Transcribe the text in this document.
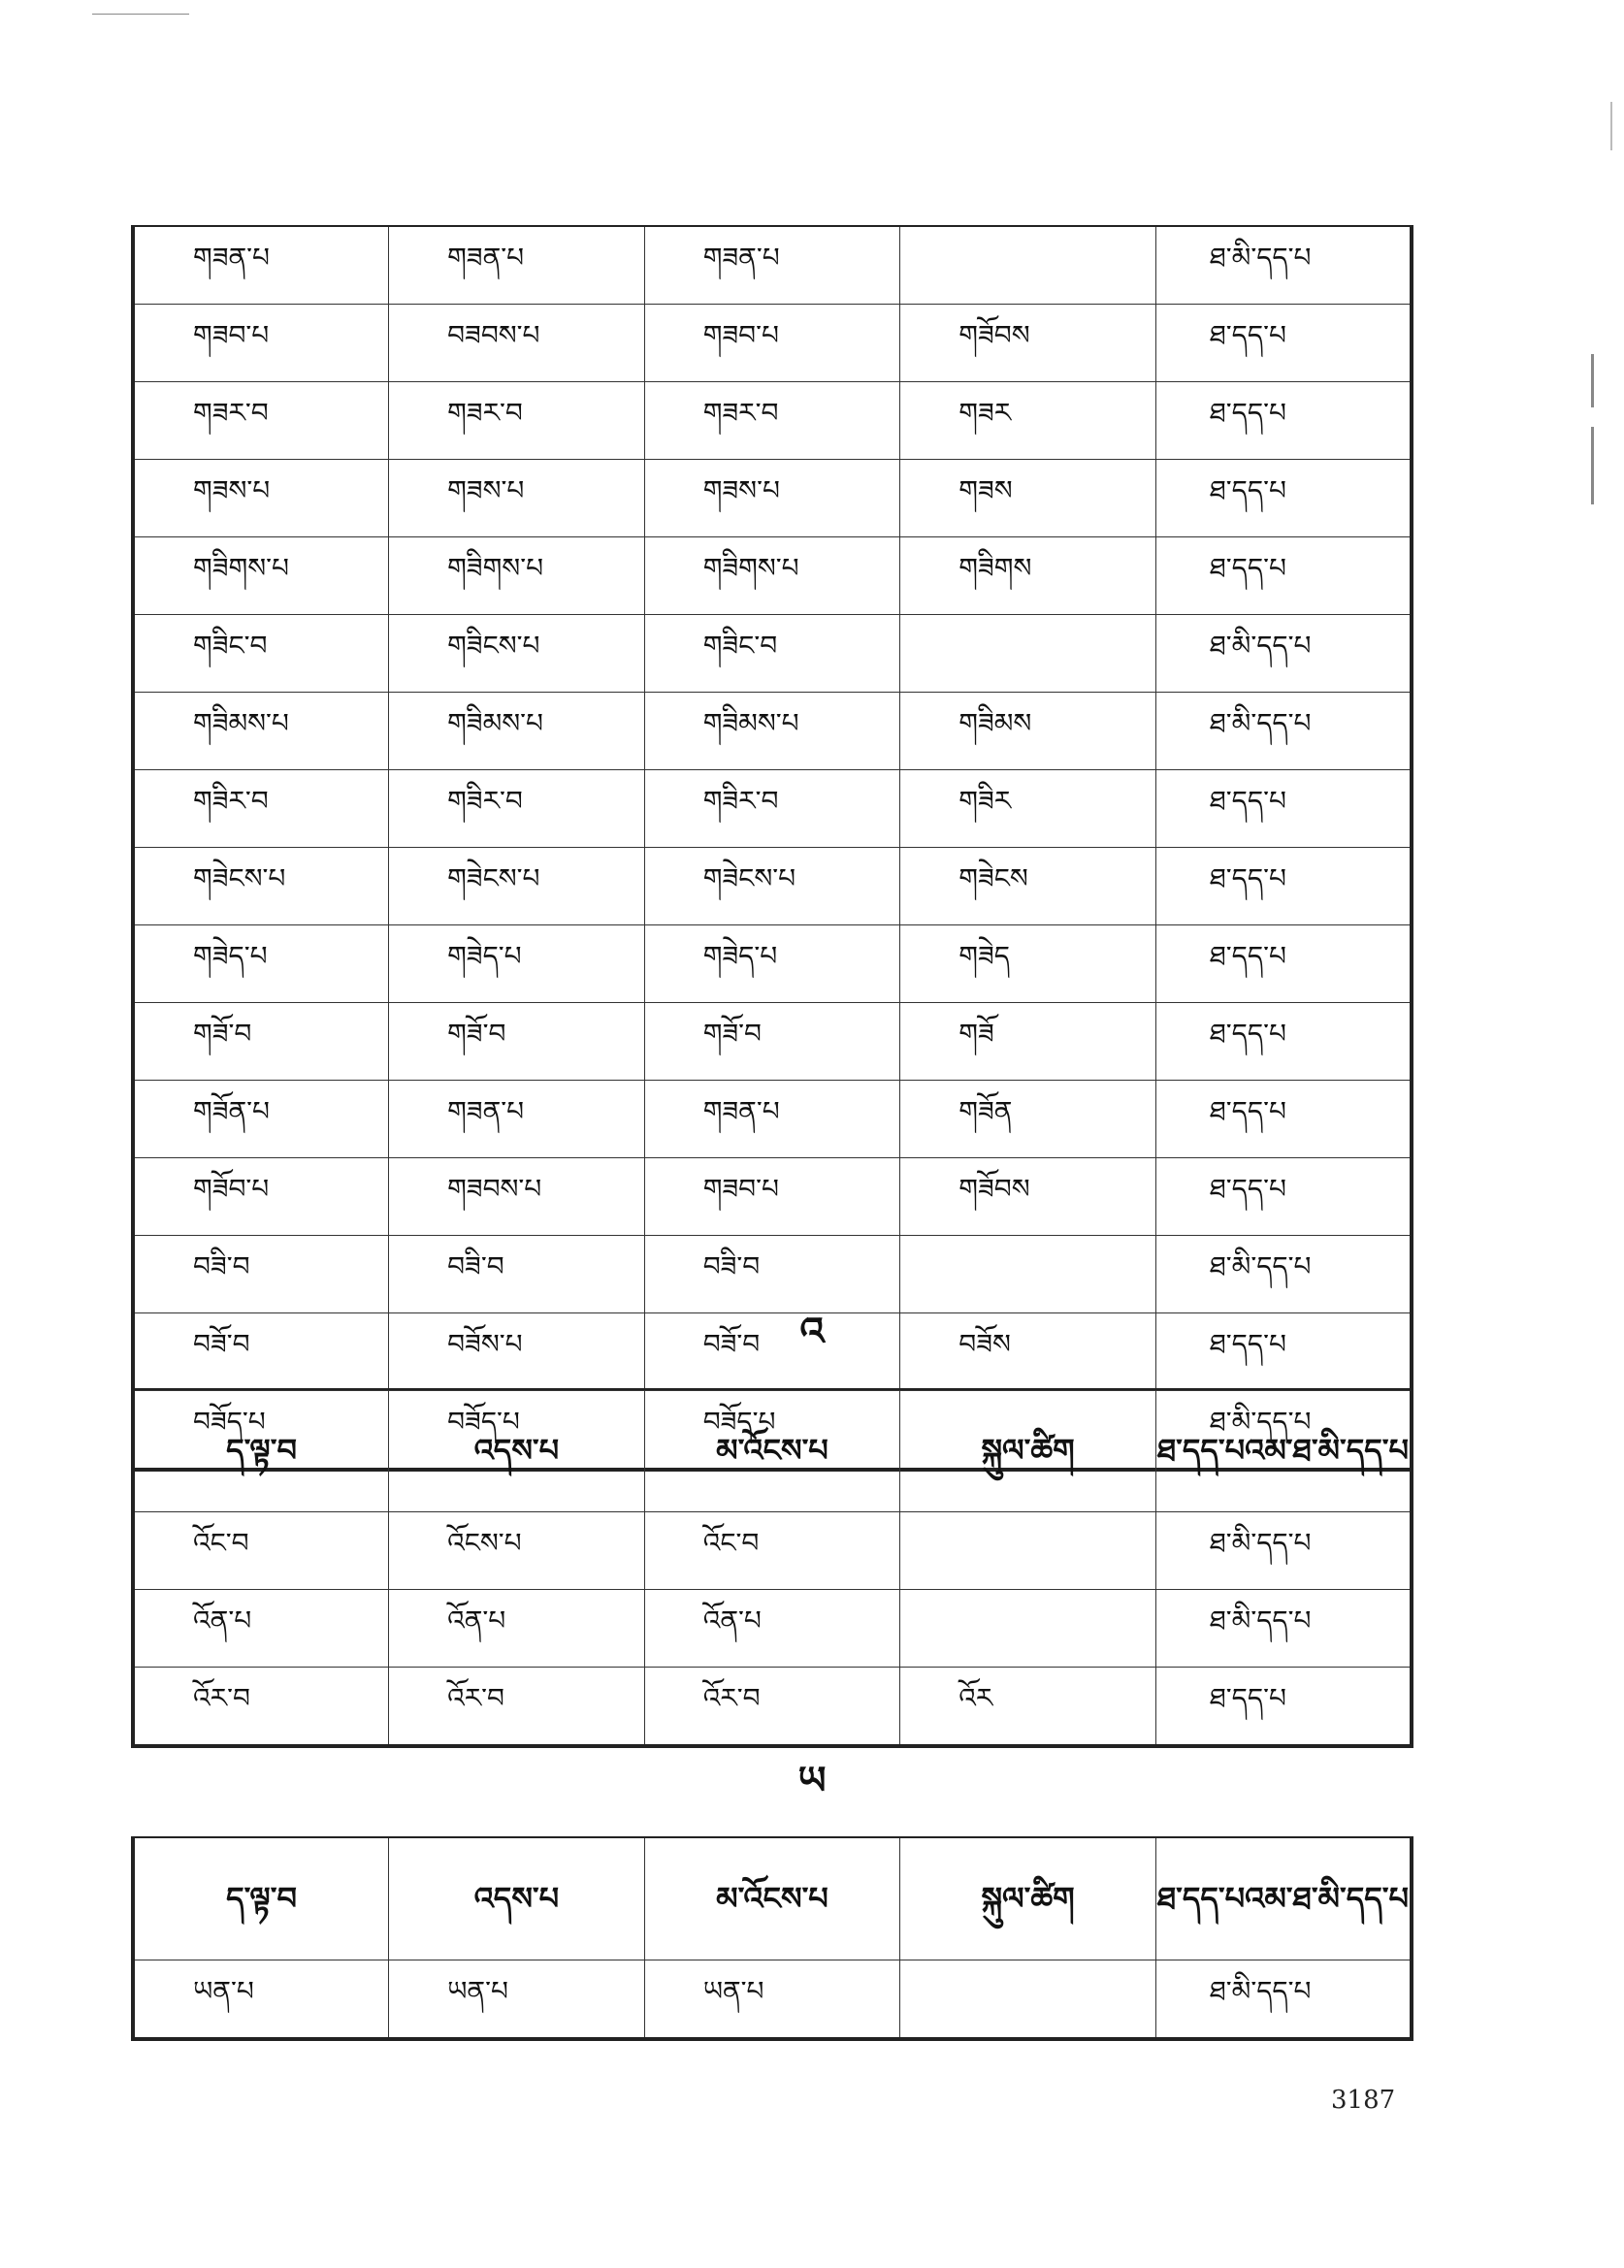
གཟན་པ	གཟན་པ	གཟན་པ		ཐ་མི་དད་པ
གཟབ་པ	བཟབས་པ	གཟབ་པ	གཟོབས	ཐ་དད་པ
གཟར་བ	གཟར་བ	གཟར་བ	གཟར	ཐ་དད་པ
གཟས་པ	གཟས་པ	གཟས་པ	གཟས	ཐ་དད་པ
གཟིགས་པ	གཟིགས་པ	གཟིགས་པ	གཟིགས	ཐ་དད་པ
གཟིང་བ	གཟིངས་པ	གཟིང་བ		ཐ་མི་དད་པ
གཟིམས་པ	གཟིམས་པ	གཟིམས་པ	གཟིམས	ཐ་མི་དད་པ
གཟིར་བ	གཟིར་བ	གཟིར་བ	གཟིར	ཐ་དད་པ
གཟེངས་པ	གཟེངས་པ	གཟེངས་པ	གཟེངས	ཐ་དད་པ
གཟེད་པ	གཟེད་པ	གཟེད་པ	གཟེད	ཐ་དད་པ
གཟོ་བ	གཟོ་བ	གཟོ་བ	གཟོ	ཐ་དད་པ
གཟོན་པ	གཟན་པ	གཟན་པ	གཟོན	ཐ་དད་པ
གཟོབ་པ	གཟབས་པ	གཟབ་པ	གཟོབས	ཐ་དད་པ
བཟི་བ	བཟི་བ	བཟི་བ		ཐ་མི་དད་པ
བཟོ་བ	བཟོས་པ	བཟོ་བ	བཟོས	ཐ་དད་པ
བཟོད་པ	བཟོད་པ	བཟོད་པ		ཐ་མི་དད་པ
འ
ད་ལྟ་བ	འདས་པ	མ་འོངས་པ	སྐུལ་ཚིག	ཐ་དད་པའམ་ཐ་མི་དད་པ
འོང་བ	འོངས་པ	འོང་བ		ཐ་མི་དད་པ
འོན་པ	འོན་པ	འོན་པ		ཐ་མི་དད་པ
འོར་བ	འོར་བ	འོར་བ	འོར	ཐ་དད་པ
ཡ
ད་ལྟ་བ	འདས་པ	མ་འོངས་པ	སྐུལ་ཚིག	ཐ་དད་པའམ་ཐ་མི་དད་པ
ཡན་པ	ཡན་པ	ཡན་པ		ཐ་མི་དད་པ
3187
